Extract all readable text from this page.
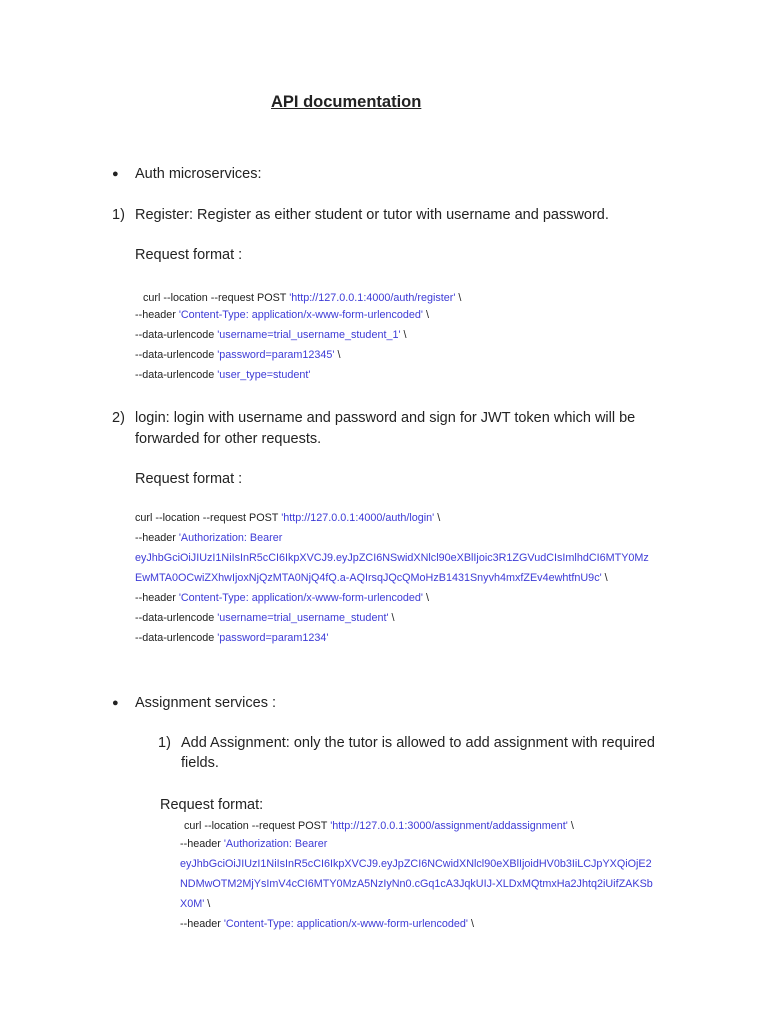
API documentation
● Auth microservices:
1) Register: Register as either student or tutor with username and password.
Request format :
curl --location --request POST 'http://127.0.0.1:4000/auth/register' \
--header 'Content-Type: application/x-www-form-urlencoded' \
--data-urlencode 'username=trial_username_student_1' \
--data-urlencode 'password=param12345' \
--data-urlencode 'user_type=student'
2) login: login with username and password and sign for JWT token which will be
forwarded for other requests.
Request format :
curl --location --request POST 'http://127.0.0.1:4000/auth/login' \
--header 'Authorization: Bearer
eyJhbGciOiJIUzI1NiIsInR5cCI6IkpXVCJ9.eyJpZCI6NSwidXNlcl90eXBlIjoic3R1ZGVudCIsImlhdCI6MTY0Mz
EwMTA0OCwiZXhwIjoxNjQzMTA0NjQ4fQ.a-AQIrsqJQcQMoHzB1431Snyvh4mxfZEv4ewhtfnU9c' \
--header 'Content-Type: application/x-www-form-urlencoded' \
--data-urlencode 'username=trial_username_student' \
--data-urlencode 'password=param1234'
● Assignment services :
1) Add Assignment: only the tutor is allowed to add assignment with required
fields.
Request format:
curl --location --request POST 'http://127.0.0.1:3000/assignment/addassignment' \
--header 'Authorization: Bearer
eyJhbGciOiJIUzI1NiIsInR5cCI6IkpXVCJ9.eyJpZCI6NCwidXNlcl90eXBlIjoidHV0b3IiLCJpYXQiOjE2
NDMwOTM2MjYsImV4cCI6MTY0MzA5NzIyNn0.cGq1cA3JqkUIJ-XLDxMQtmxHa2Jhtq2iUifZAKSb
X0M' \
--header 'Content-Type: application/x-www-form-urlencoded' \
